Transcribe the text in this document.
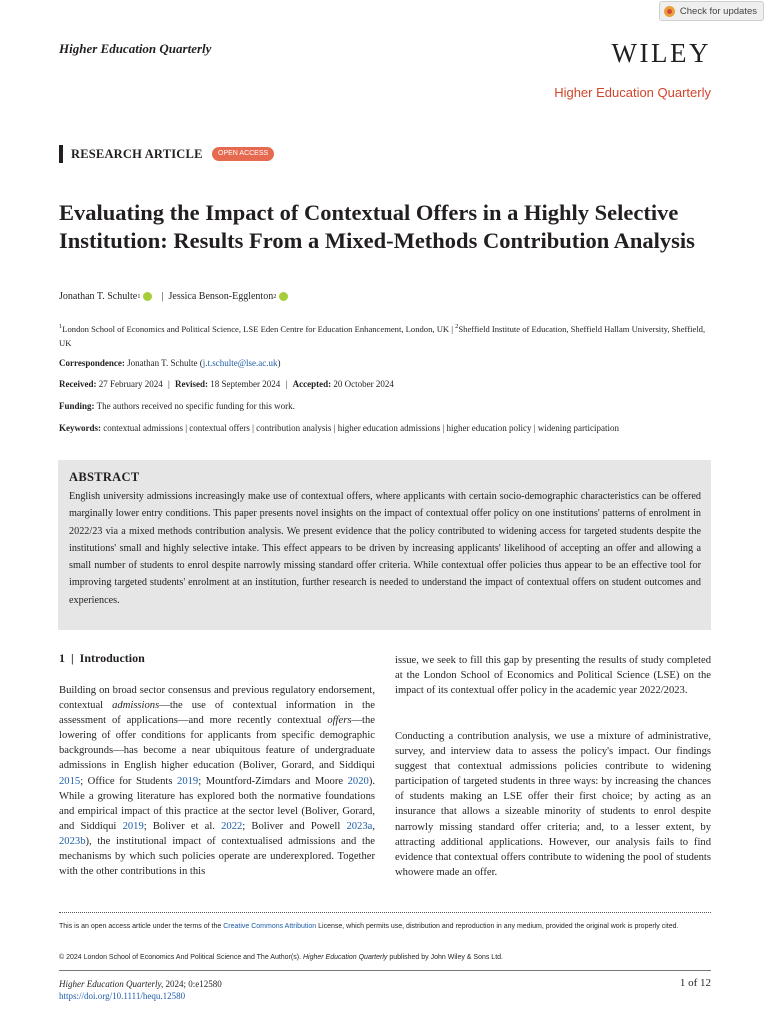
Check for updates
Higher Education Quarterly	WILEY
Higher Education Quarterly
RESEARCH ARTICLE	OPEN ACCESS
Evaluating the Impact of Contextual Offers in a Highly Selective Institution: Results From a Mixed-Methods Contribution Analysis
Jonathan T. Schulte 1 | Jessica Benson-Egglenton 2
$^1$London School of Economics and Political Science, LSE Eden Centre for Education Enhancement, London, UK | $^2$Sheffield Institute of Education, Sheffield Hallam University, Sheffield, UK
Correspondence: Jonathan T. Schulte (j.t.schulte@lse.ac.uk)
Received: 27 February 2024 | Revised: 18 September 2024 | Accepted: 20 October 2024
Funding: The authors received no specific funding for this work.
Keywords: contextual admissions | contextual offers | contribution analysis | higher education admissions | higher education policy | widening participation
ABSTRACT
English university admissions increasingly make use of contextual offers, where applicants with certain socio-demographic characteristics can be offered marginally lower entry conditions. This paper presents novel insights on the impact of contextual offer policy on one institutions' patterns of enrolment in 2022/23 via a mixed methods contribution analysis. We present evidence that the policy contributed to widening access for targeted students despite the institutions' small and highly selective intake. This effect appears to be driven by increasing applicants' likelihood of accepting an offer and allowing a small number of students to enrol despite narrowly missing standard offer criteria. While contextual offer policies thus appear to be an effective tool for improving targeted students' enrolment at an institution, further research is needed to understand the impact of contextual offers on student outcomes and experiences.
1  |  Introduction

Building on broad sector consensus and previous regulatory endorsement, contextual admissions—the use of contextual information in the assessment of applications—and more recently contextual offers—the lowering of offer conditions for applicants from specific demographic backgrounds—has become a near ubiquitous feature of undergraduate admissions in English higher education (Boliver, Gorard, and Siddiqui 2015; Office for Students 2019; Mountford-Zimdars and Moore 2020). While a growing literature has explored both the normative foundations and empirical impact of this practice at the sector level (Boliver, Gorard, and Siddiqui 2019; Boliver et al. 2022; Boliver and Powell 2023a, 2023b), the institutional impact of contextualised admissions and the mechanisms by which such policies operate are underexplored. Together with the other contributions in this

issue, we seek to fill this gap by presenting the results of study completed at the London School of Economics and Political Science (LSE) on the impact of its contextual offer policy in the academic year 2022/2023.

Conducting a contribution analysis, we use a mixture of administrative, survey, and interview data to assess the policy's impact. Our findings suggest that contextual admissions policies contribute to widening participation of targeted students in three ways: by increasing the chances of students making an LSE offer their first choice; by acting as an insurance that allows a sizeable minority of students to enrol despite narrowly missing standard offer criteria; and, to a lesser extent, by attracting additional applications. However, our analysis fails to find evidence that contextual offers contribute to widening the pool of students whowere made an offer.

This is an open access article under the terms of the Creative Commons Attribution License, which permits use, distribution and reproduction in any medium, provided the original work is properly cited.

© 2024 London School of Economics And Political Science and The Author(s). Higher Education Quarterly published by John Wiley & Sons Ltd.
Higher Education Quarterly, 2024; 0:e12580
https://doi.org/10.1111/hequ.12580
1 of 12
